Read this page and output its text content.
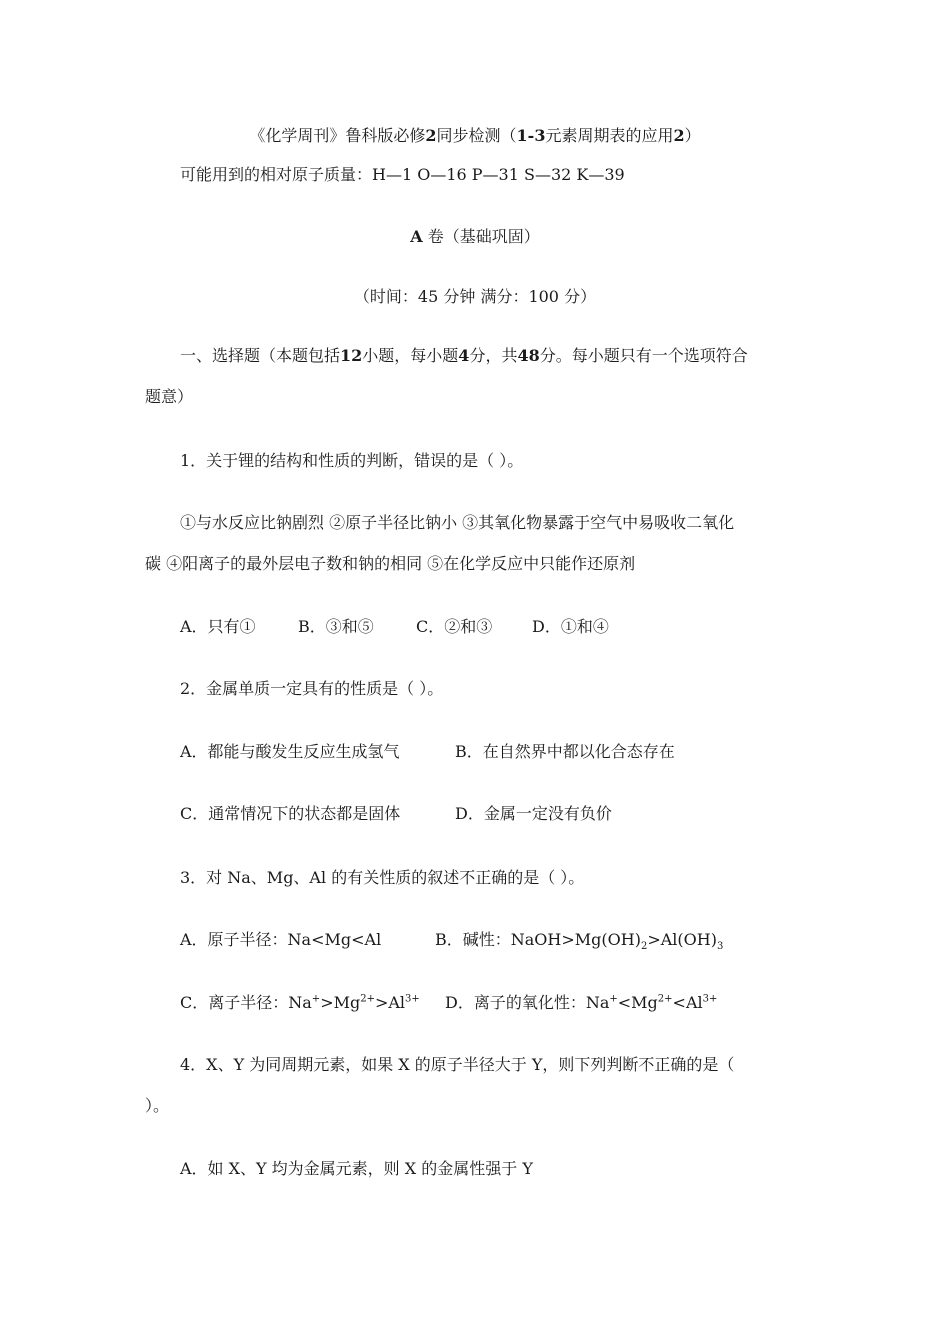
《化学周刊》鲁科版必修2同步检测（1-3元素周期表的应用2）
可能用到的相对原子质量：H—1 O—16 P—31 S—32 K—39
A 卷（基础巩固）
（时间：45 分钟 满分：100 分）
一、选择题（本题包括12小题，每小题4分，共48分。每小题只有一个选项符合
题意）
1．关于锂的结构和性质的判断，错误的是（ ）。
①与水反应比钠剧烈 ②原子半径比钠小 ③其氧化物暴露于空气中易吸收二氧化
碳 ④阳离子的最外层电子数和钠的相同 ⑤在化学反应中只能作还原剂
A．只有①	B．③和⑤	C．②和③ D．①和④
2．金属单质一定具有的性质是（ ）。
A．都能与酸发生反应生成氢气	B．在自然界中都以化合态存在
C．通常情况下的状态都是固体	D．金属一定没有负价
3．对 Na、Mg、Al 的有关性质的叙述不正确的是（ ）。
A．原子半径：Na<Mg<Al	B．碱性：$NaOH>Mg(OH)_2>Al(OH)_3$
C．离子半径：$Na^+>Mg^{2+}>Al^{3+}$ D．离子的氧化性：$Na^+<Mg^{2+}<Al^{3+}$
4．X、Y 为同周期元素，如果 X 的原子半径大于 Y，则下列判断不正确的是（
）。
A．如 X、Y 均为金属元素，则 X 的金属性强于 Y
